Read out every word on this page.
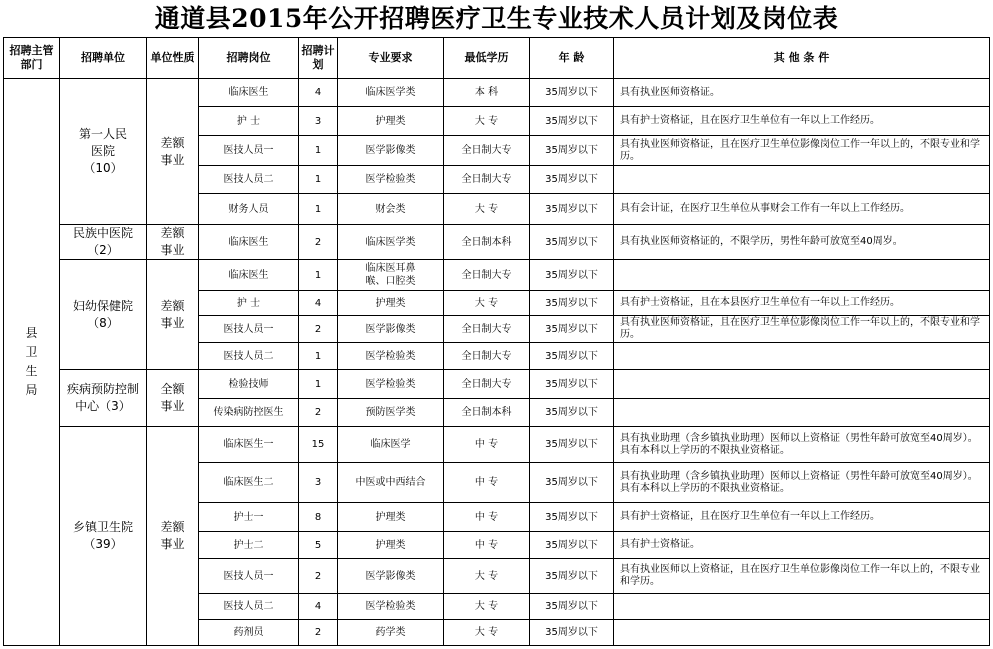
通道县2015年公开招聘医疗卫生专业技术人员计划及岗位表
招聘主管部门	招聘单位	单位性质	招聘岗位	招聘计划	专业要求	最低学历	年 龄	其 他 条 件

县卫生局	第一人民医院（10）	差额事业	临床医生	4	临床医学类	本 科	35周岁以下	具有执业医师资格证。
			护 士	3	护理类	大 专	35周岁以下	具有护士资格证，且在医疗卫生单位有一年以上工作经历。
			医技人员一	1	医学影像类	全日制大专	35周岁以下	具有执业医师资格证，且在医疗卫生单位影像岗位工作一年以上的，不限专业和学历。
			医技人员二	1	医学检验类	全日制大专	35周岁以下	
			财务人员	1	财会类	大 专	35周岁以下	具有会计证，在医疗卫生单位从事财会工作有一年以上工作经历。

	民族中医院（2）	差额事业	临床医生	2	临床医学类	全日制本科	35周岁以下	具有执业医师资格证的，不限学历，男性年龄可放宽至40周岁。

	妇幼保健院（8）	差额事业	临床医生	1	临床医耳鼻喉、口腔类	全日制大专	35周岁以下	
			护 士	4	护理类	大 专	35周岁以下	具有护士资格证，且在本县医疗卫生单位有一年以上工作经历。
			医技人员一	2	医学影像类	全日制大专	35周岁以下	具有执业医师资格证，且在医疗卫生单位影像岗位工作一年以上的，不限专业和学历。
			医技人员二	1	医学检验类	全日制大专	35周岁以下	

	疾病预防控制中心（3）	全额事业	检验技师	1	医学检验类	全日制大专	35周岁以下	
			传染病防控医生	2	预防医学类	全日制本科	35周岁以下	

	乡镇卫生院（39）	差额事业	临床医生一	15	临床医学	中 专	35周岁以下	具有执业助理（含乡镇执业助理）医师以上资格证（男性年龄可放宽至40周岁）。具有本科以上学历的不限执业资格证。
			临床医生二	3	中医或中西结合	中 专	35周岁以下	具有执业助理（含乡镇执业助理）医师以上资格证（男性年龄可放宽至40周岁）。具有本科以上学历的不限执业资格证。
			护士一	8	护理类	中 专	35周岁以下	具有护士资格证，且在医疗卫生单位有一年以上工作经历。
			护士二	5	护理类	中 专	35周岁以下	具有护士资格证。
			医技人员一	2	医学影像类	大 专	35周岁以下	具有执业医师以上资格证，且在医疗卫生单位影像岗位工作一年以上的，不限专业和学历。
			医技人员二	4	医学检验类	大 专	35周岁以下	
			药剂员	2	药学类	大 专	35周岁以下	
